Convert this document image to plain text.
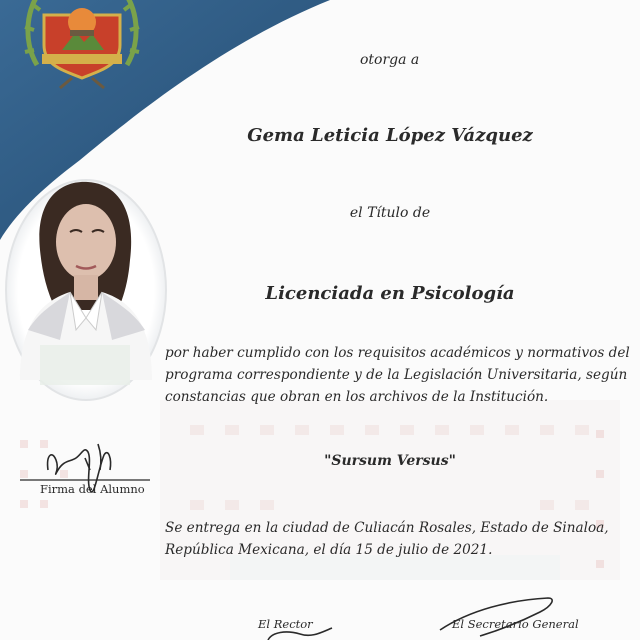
otorga a
Gema Leticia López Vázquez
el Título de
Licenciada en Psicología
por haber cumplido con los requisitos académicos y normativos del
programa correspondiente y de la Legislación Universitaria, según
constancias que obran en los archivos de la Institución.
"Sursum Versus"
Se entrega en la ciudad de Culiacán Rosales, Estado de Sinaloa,
República Mexicana, el día 15 de julio de 2021.
Firma del Alumno
El Rector	El Secretario General
